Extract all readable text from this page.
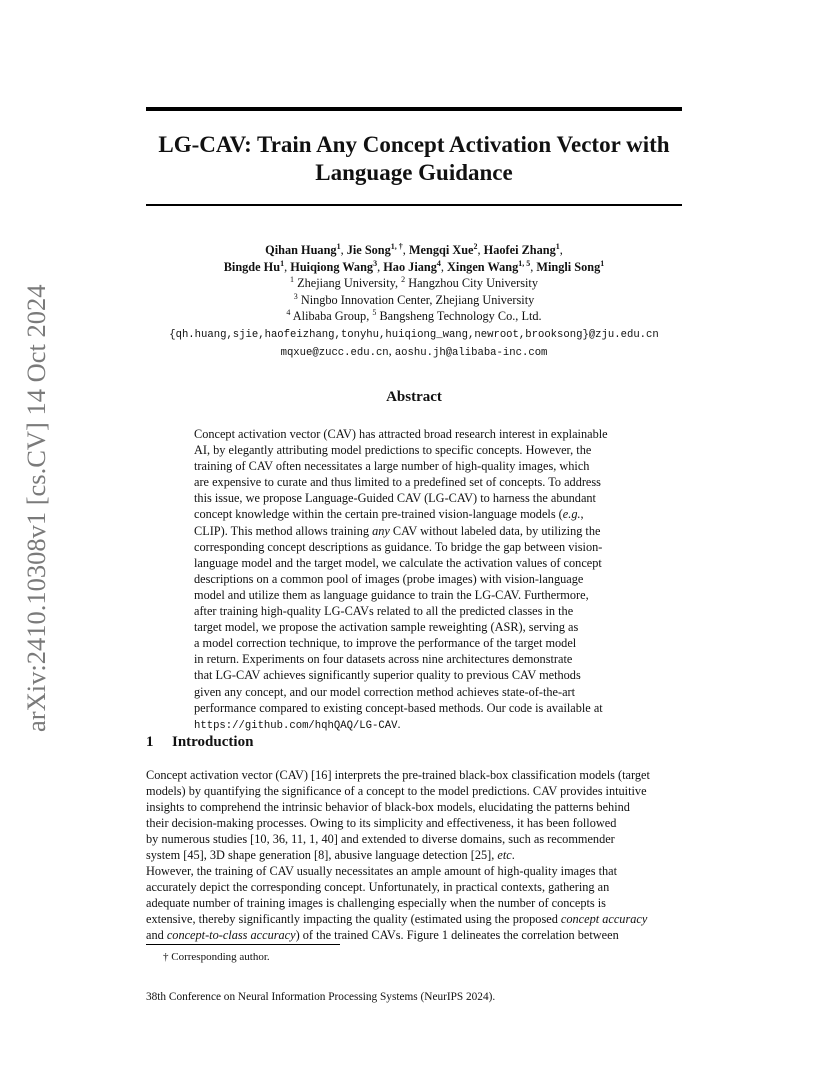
arXiv:2410.10308v1 [cs.CV] 14 Oct 2024
LG-CAV: Train Any Concept Activation Vector with
Language Guidance
Qihan Huang$^1$, Jie Song$^{1, \dagger}$, Mengqi Xue$^2$, Haofei Zhang$^1$,
Bingde Hu$^1$, Huiqiong Wang$^3$, Hao Jiang$^4$, Xingen Wang$^{1, 5}$, Mingli Song$^1$
$^1$ Zhejiang University, $^2$ Hangzhou City University
$^3$ Ningbo Innovation Center, Zhejiang University
$^4$ Alibaba Group, $^5$ Bangsheng Technology Co., Ltd.
{qh.huang,sjie,haofeizhang,tonyhu,huiqiong_wang,newroot,brooksong}@zju.edu.cn
mqxue@zucc.edu.cn, aoshu.jh@alibaba-inc.com
Abstract
Concept activation vector (CAV) has attracted broad research interest in explainable
AI, by elegantly attributing model predictions to specific concepts. However, the
training of CAV often necessitates a large number of high-quality images, which
are expensive to curate and thus limited to a predefined set of concepts. To address
this issue, we propose Language-Guided CAV (LG-CAV) to harness the abundant
concept knowledge within the certain pre-trained vision-language models (e.g.,
CLIP). This method allows training any CAV without labeled data, by utilizing the
corresponding concept descriptions as guidance. To bridge the gap between vision-
language model and the target model, we calculate the activation values of concept
descriptions on a common pool of images (probe images) with vision-language
model and utilize them as language guidance to train the LG-CAV. Furthermore,
after training high-quality LG-CAVs related to all the predicted classes in the
target model, we propose the activation sample reweighting (ASR), serving as
a model correction technique, to improve the performance of the target model
in return. Experiments on four datasets across nine architectures demonstrate
that LG-CAV achieves significantly superior quality to previous CAV methods
given any concept, and our model correction method achieves state-of-the-art
performance compared to existing concept-based methods. Our code is available at
https://github.com/hqhQAQ/LG-CAV.
1 Introduction
Concept activation vector (CAV) [16] interprets the pre-trained black-box classification models (target
models) by quantifying the significance of a concept to the model predictions. CAV provides intuitive
insights to comprehend the intrinsic behavior of black-box models, elucidating the patterns behind
their decision-making processes. Owing to its simplicity and effectiveness, it has been followed
by numerous studies [10, 36, 11, 1, 40] and extended to diverse domains, such as recommender
system [45], 3D shape generation [8], abusive language detection [25], etc.
However, the training of CAV usually necessitates an ample amount of high-quality images that
accurately depict the corresponding concept. Unfortunately, in practical contexts, gathering an
adequate number of training images is challenging especially when the number of concepts is
extensive, thereby significantly impacting the quality (estimated using the proposed concept accuracy
and concept-to-class accuracy) of the trained CAVs. Figure 1 delineates the correlation between
† Corresponding author.
38th Conference on Neural Information Processing Systems (NeurIPS 2024).
